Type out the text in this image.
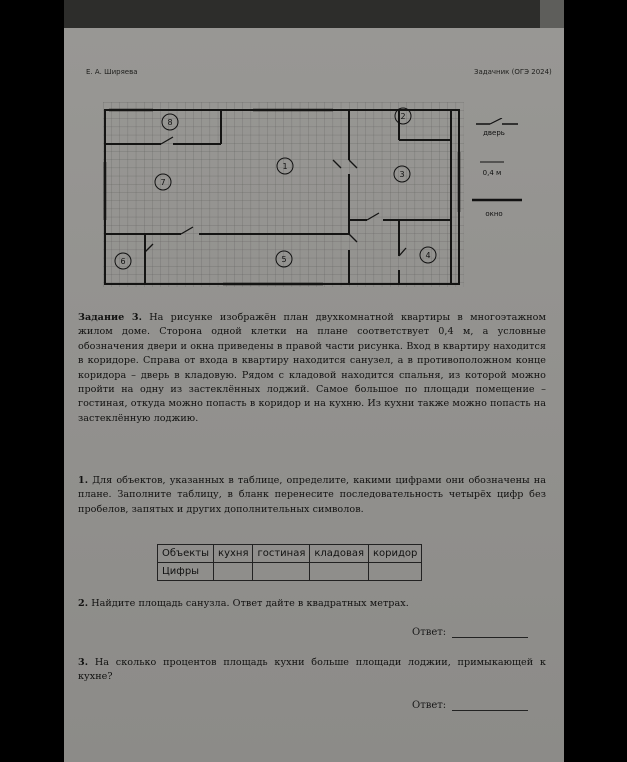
Е. А. Ширяева	Задачник (ОГЭ 2024)
8
2
1
3
7
4
6	5
дверь
0,4 м
окно
Задание 3. На рисунке изображён план двухкомнатной квартиры в многоэтажном жилом доме. Сторона одной клетки на плане соответствует 0,4 м, а условные обозначения двери и окна приведены в правой части рисунка. Вход в квартиру находится в коридоре. Справа от входа в квартиру находится санузел, а в противоположном конце коридора – дверь в кладовую. Рядом с кладовой находится спальня, из которой можно пройти на одну из застеклённых лоджий. Самое большое по площади помещение – гостиная, откуда можно попасть в коридор и на кухню. Из кухни также можно попасть на застеклённую лоджию.
1. Для объектов, указанных в таблице, определите, какими цифрами они обозначены на плане. Заполните таблицу, в бланк перенесите последовательность четырёх цифр без пробелов, запятых и других дополнительных символов.
Объекты	кухня	гостиная	кладовая	коридор
Цифры				
2. Найдите площадь санузла. Ответ дайте в квадратных метрах.
Ответ:
3. На сколько процентов площадь кухни больше площади лоджии, примыкающей к кухне?
Ответ:
